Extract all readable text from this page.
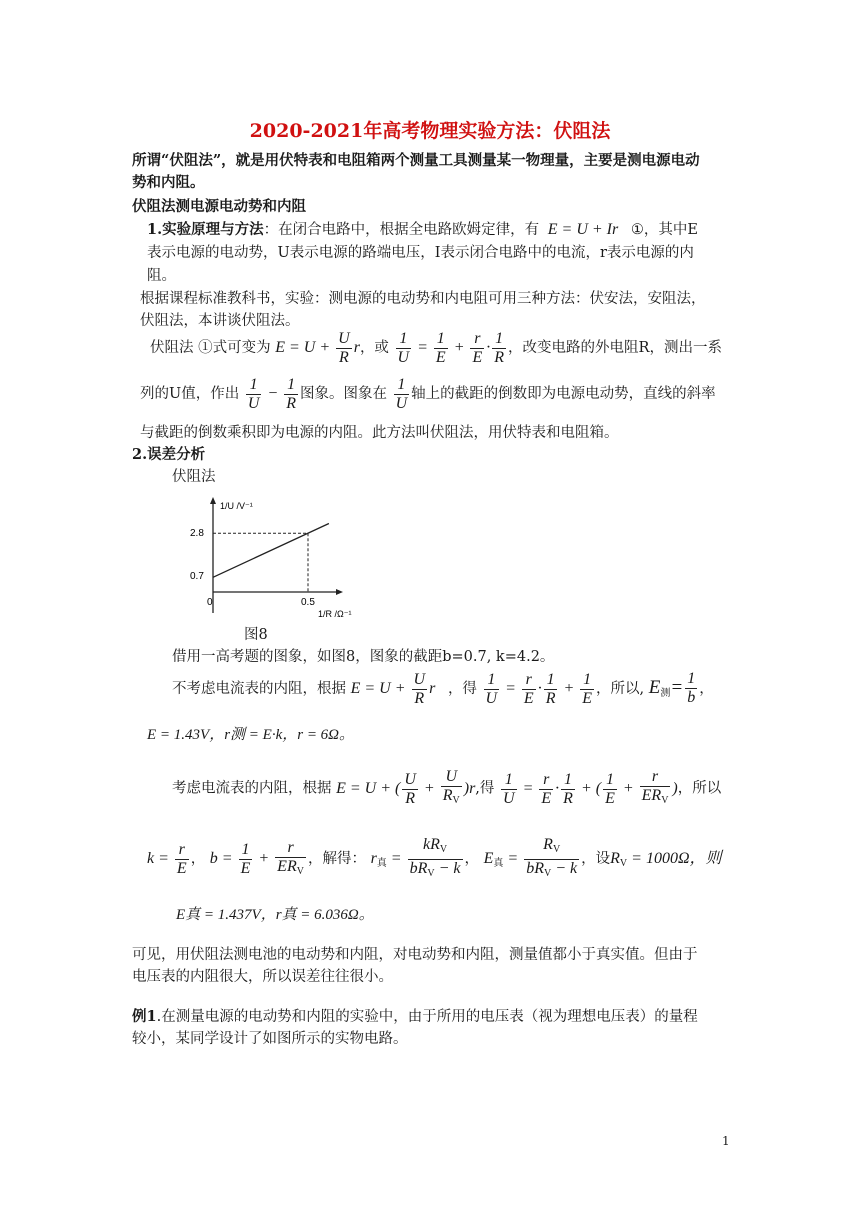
2020-2021年高考物理实验方法：伏阻法
所谓“伏阻法”，就是用伏特表和电阻箱两个测量工具测量某一物理量，主要是测电源电动
势和内阻。
伏阻法测电源电动势和内阻
1.实验原理与方法：在闭合电路中，根据全电路欧姆定律，有 E = U + Ir ①，其中E
表示电源的电动势，U表示电源的路端电压，I表示闭合电路中的电流，r表示电源的内
阻。
根据课程标准教科书，实验：测电源的电动势和内电阻可用三种方法：伏安法，安阻法，
伏阻法，本讲谈伏阻法。
伏阻法 ①式可变为 $E = U + \frac{U}{R}$ r，或 $\frac{1}{U} = \frac{1}{E} + \frac{r}{E} \cdot \frac{1}{R}$ ，改变电路的外电阻R，测出一系
列的U值，作出 $\frac{1}{U} - \frac{1}{R}$ 图象。图象在 $\frac{1}{U}$ 轴上的截距的倒数即为电源电动势，直线的斜率
与截距的倒数乘积即为电源的内阻。此方法叫伏阻法，用伏特表和电阻箱。
2.误差分析
伏阻法
2.8
0.7
0	0.5
1/U /V⁻¹
1/R /Ω⁻¹
图8
借用一高考题的图象，如图8，图象的截距b=0.7, k=4.2。
不考虑电流表的内阻，根据 $E = U + \frac{U}{R}$ r ，得 $\frac{1}{U} = \frac{r}{E} \cdot \frac{1}{R} + \frac{1}{E}$ ，所以, $E_测= \frac{1}{b}$ ，
E = 1.43V，r测 = E·k，r = 6Ω。
考虑电流表的内阻，根据 E = U + ( $\frac{U}{R} + \frac{U}{R_V} )r$,得 $\frac{1}{U} = \frac{r}{E} \cdot \frac{1}{R}$ + ( $\frac{1}{E} + \frac{r}{ER_V}$ )，所以
$k = \frac{r}{E}$ ， $b = \frac{1}{E} + \frac{r}{ER_V}$ ，解得： $r_真 = \frac{kR_V}{bR_V - k}$ ， $E_真 = \frac{R_V}{bR_V - k}$ ，设$R_V = 1000\Omega$，则
E真 = 1.437V，r真 = 6.036Ω。
可见，用伏阻法测电池的电动势和内阻，对电动势和内阻，测量值都小于真实值。但由于
电压表的内阻很大，所以误差往往很小。
例1.在测量电源的电动势和内阻的实验中，由于所用的电压表（视为理想电压表）的量程
较小，某同学设计了如图所示的实物电路。
1
